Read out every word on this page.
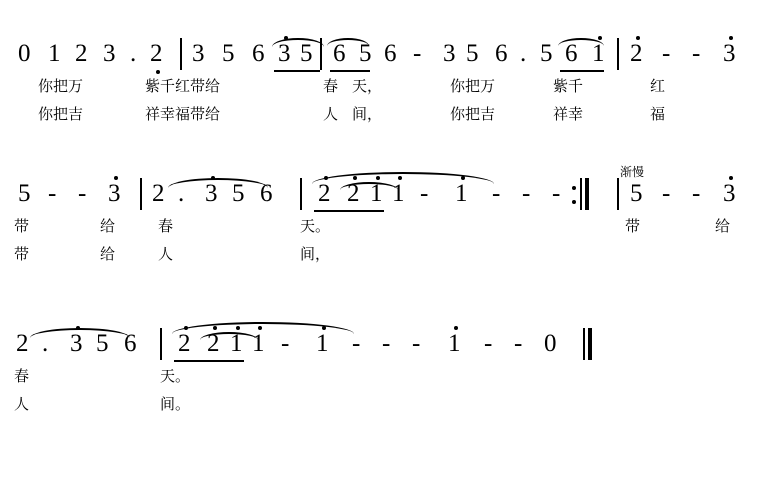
0 1 2 3 . 2 3 5 6 3 5 6 5 6 - 3 5 6 . 5 6 1 2 - - 3
你把万	紫千红带给	春 天，	你把万	紫千	红
你把吉	祥幸福带给	人 间，	你把吉	祥幸	福
5 - - 3 2 . 3 5 6 2 2 1 1 - 1 - - -	5 - - 3
带	给	春	天。	带	给
带	给	人	间，
2 . 3 5 6 2 2 1 1 - 1 - - - 1 - - 0
春	天。
人	间。
渐慢
